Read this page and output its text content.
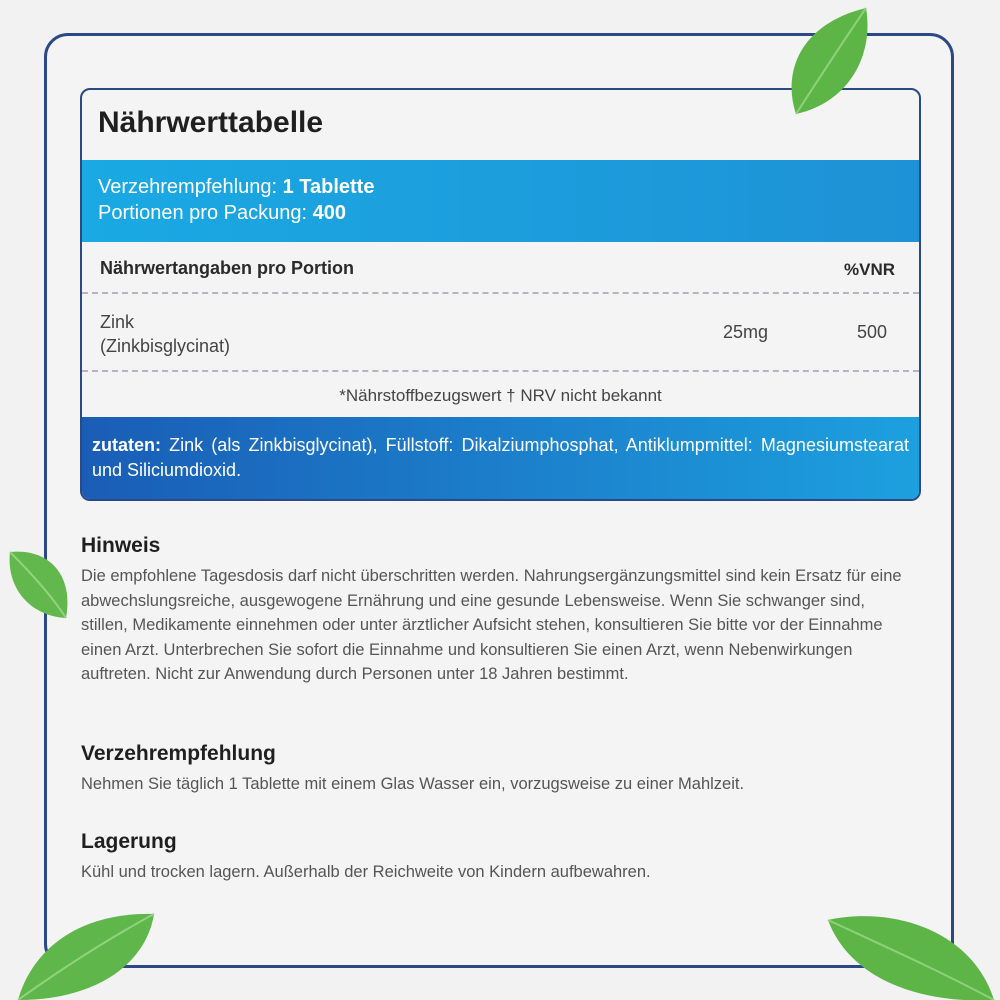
Nährwerttabelle
Verzehrempfehlung: 1 Tablette
Portionen pro Packung: 400
Nährwertangaben pro Portion	%VNR
Zink
(Zinkbisglycinat)
25mg	500
*Nährstoffbezugswert † NRV nicht bekannt
zutaten: Zink (als Zinkbisglycinat), Füllstoff: Dikalziumphosphat, Antiklumpmittel: Magnesiumstearat und Siliciumdioxid.
Hinweis

Die empfohlene Tagesdosis darf nicht überschritten werden. Nahrungsergänzungsmittel sind kein Ersatz für eine abwechslungsreiche, ausgewogene Ernährung und eine gesunde Lebensweise. Wenn Sie schwanger sind, stillen, Medikamente einnehmen oder unter ärztlicher Aufsicht stehen, konsultieren Sie bitte vor der Einnahme einen Arzt. Unterbrechen Sie sofort die Einnahme und konsultieren Sie einen Arzt, wenn Nebenwirkungen auftreten. Nicht zur Anwendung durch Personen unter 18 Jahren bestimmt.

Verzehrempfehlung

Nehmen Sie täglich 1 Tablette mit einem Glas Wasser ein, vorzugsweise zu einer Mahlzeit.

Lagerung

Kühl und trocken lagern. Außerhalb der Reichweite von Kindern aufbewahren.
